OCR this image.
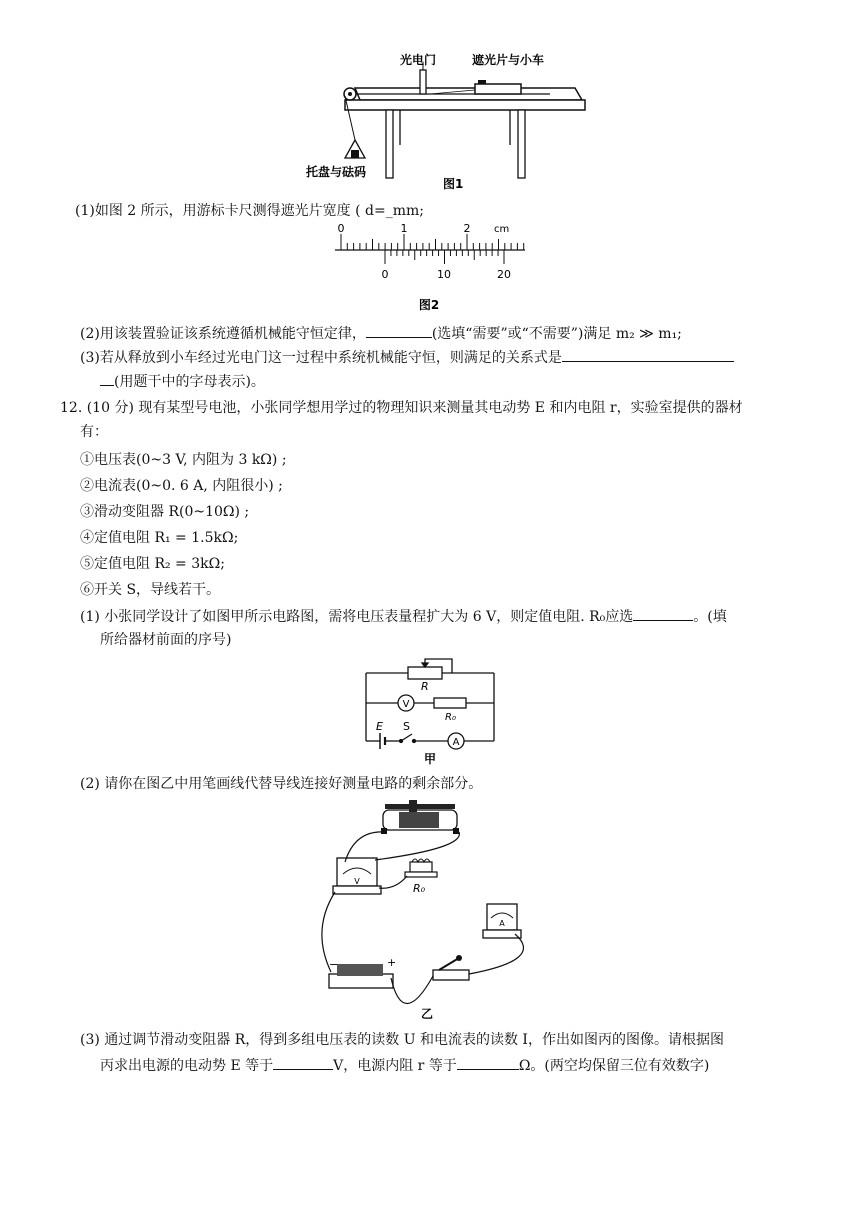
光电门	遮光片与小车
托盘与砝码
图1
(1)如图 2 所示，用游标卡尺测得遮光片宽度 ( d=_mm;
0	1	2 cm
0	10	20
图2
(2)用该装置验证该系统遵循机械能守恒定律，	(选填“需要”或“不需要”)满足 m₂ ≫ m₁;
(3)若从释放到小车经过光电门这一过程中系统机械能守恒，则满足的关系式是
(用题干中的字母表示)。
12. (10 分) 现有某型号电池，小张同学想用学过的物理知识来测量其电动势 E 和内电阻 r，实验室提供的器材
有：
①电压表(0~3 V, 内阻为 3 kΩ) ;
②电流表(0~0. 6 A, 内阻很小) ;
③滑动变阻器 R(0~10Ω) ;
④定值电阻 R₁ = 1.5kΩ;
⑤定值电阻 R₂ = 3kΩ;
⑥开关 S，导线若干。
(1) 小张同学设计了如图甲所示电路图，需将电压表量程扩大为 6 V，则定值电阻. R₀应选	。(填
所给器材前面的序号)
R
V
R₀
E S
A
甲
(2) 请你在图乙中用笔画线代替导线连接好测量电路的剩余部分。
V
R₀
A
−	+
乙
(3) 通过调节滑动变阻器 R，得到多组电压表的读数 U 和电流表的读数 I，作出如图丙的图像。请根据图
丙求出电源的电动势 E 等于	V，电源内阻 r 等于	Ω。(两空均保留三位有效数字)
